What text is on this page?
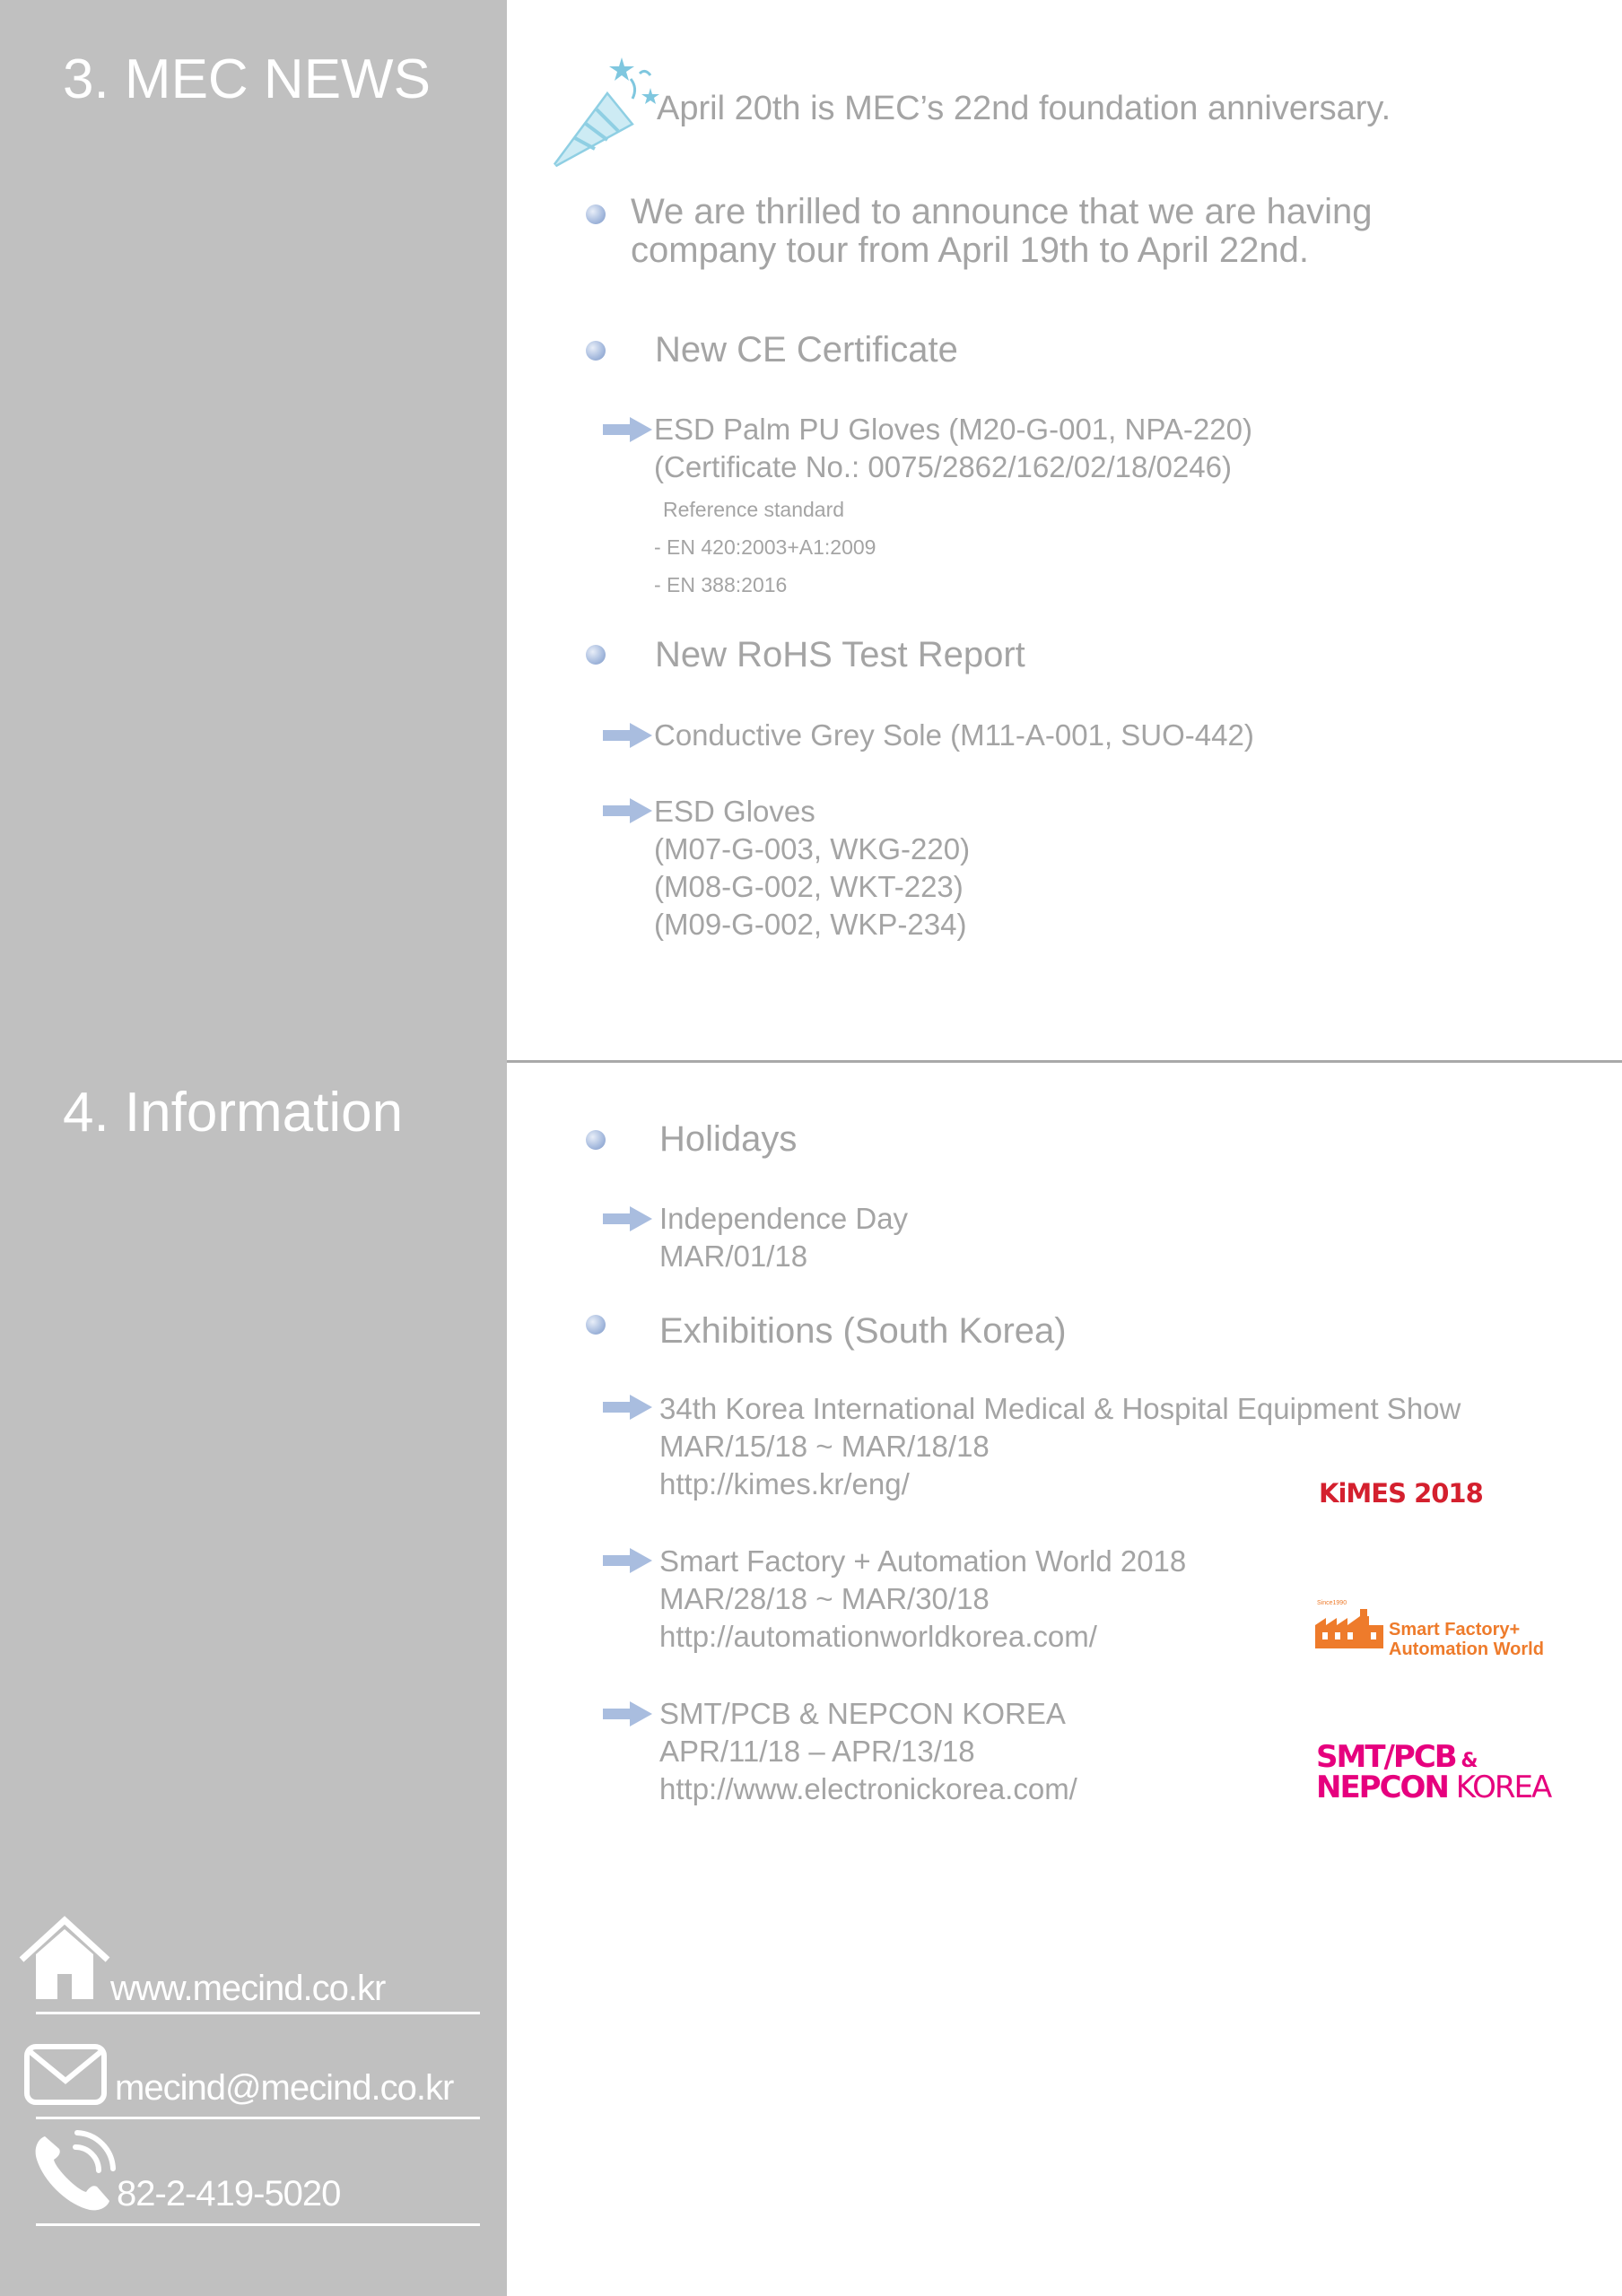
3. MEC NEWS
4. Information
www.mecind.co.kr
mecind@mecind.co.kr
82-2-419-5020
April 20th is MEC’s 22nd foundation anniversary.
We are thrilled to announce that we are having
company tour from April 19th to April 22nd.
New CE Certificate
ESD Palm PU Gloves (M20-G-001, NPA-220)
(Certificate No.: 0075/2862/162/02/18/0246)
Reference standard
- EN 420:2003+A1:2009
- EN 388:2016
New RoHS Test Report
Conductive Grey Sole (M11-A-001, SUO-442)
ESD Gloves
(M07-G-003, WKG-220)
(M08-G-002, WKT-223)
(M09-G-002, WKP-234)
Holidays
Independence Day
MAR/01/18
Exhibitions (South Korea)
34th Korea International Medical & Hospital Equipment Show
MAR/15/18 ~ MAR/18/18
http://kimes.kr/eng/	KiMES 2018
Smart Factory + Automation World 2018
MAR/28/18 ~ MAR/30/18
http://automationworldkorea.com/
Since1990
Smart Factory+
Automation World
SMT/PCB & NEPCON KOREA
APR/11/18 – APR/13/18
http://www.electronickorea.com/
SMT/PCB &
NEPCON KOREA
